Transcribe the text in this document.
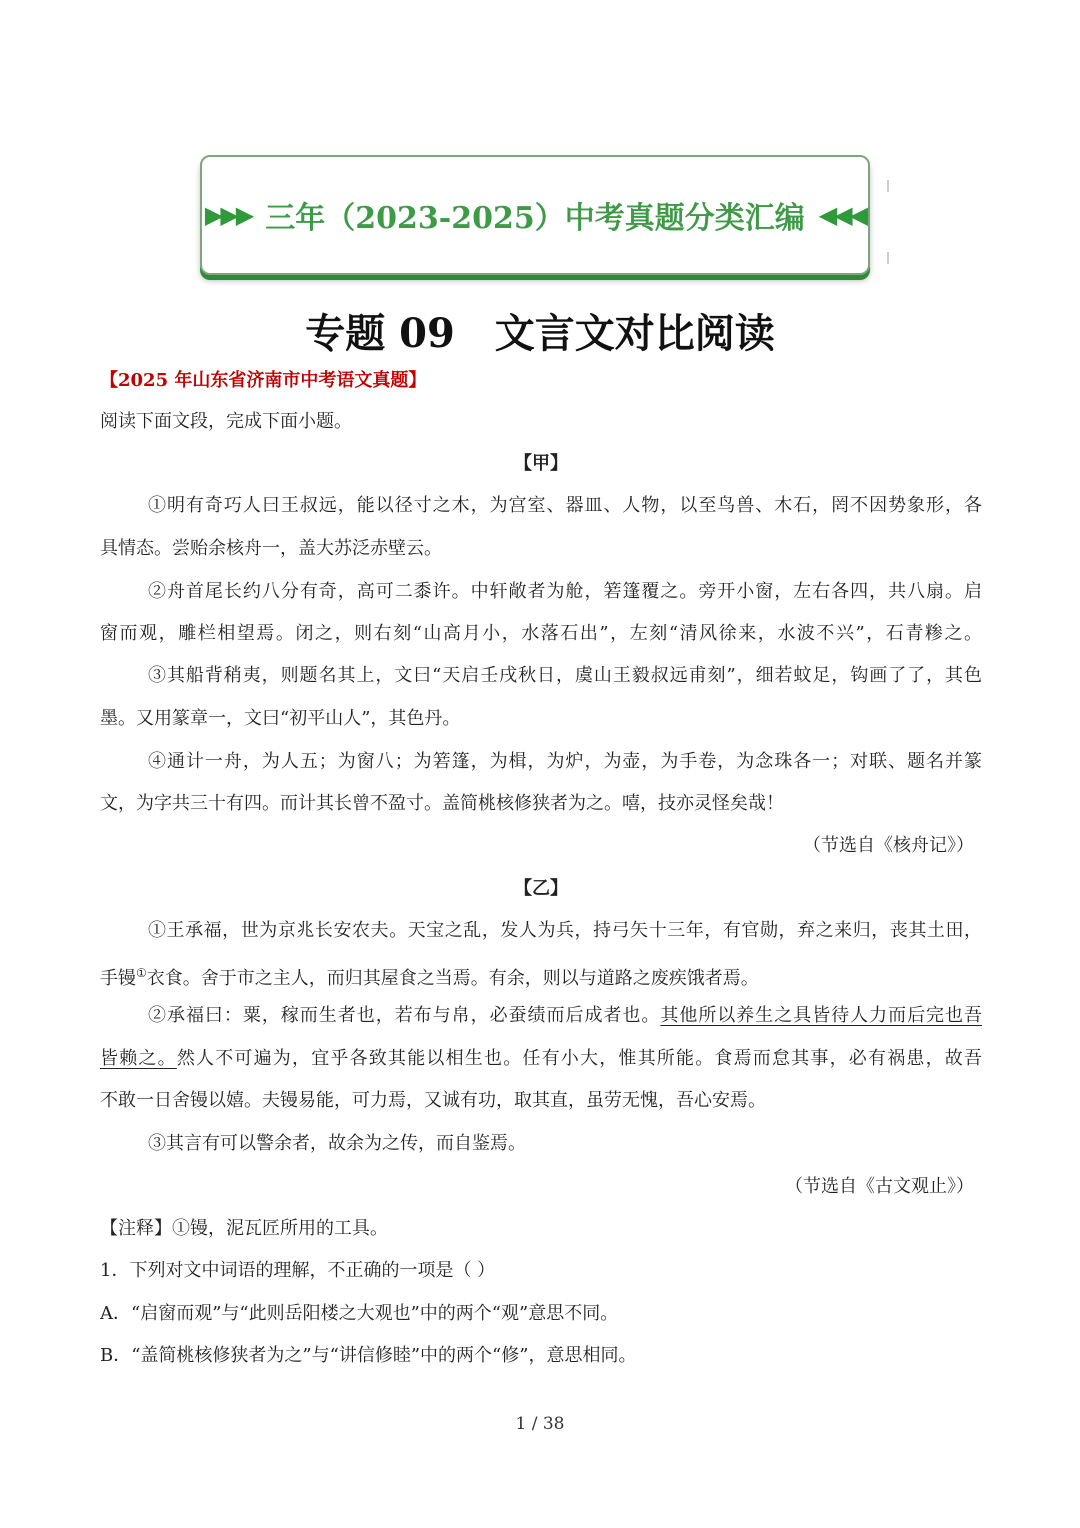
▶▶▶ 三年（2023-2025）中考真题分类汇编 ◀◀◀
专题 09 文言文对比阅读
【2025 年山东省济南市中考语文真题】
阅读下面文段，完成下面小题。
【甲】
①明有奇巧人曰王叔远，能以径寸之木，为宫室、器皿、人物，以至鸟兽、木石，罔不因势象形，各
具情态。尝贻余核舟一，盖大苏泛赤壁云。
②舟首尾长约八分有奇，高可二黍许。中轩敞者为舱，箬篷覆之。旁开小窗，左右各四，共八扇。启
窗而观，雕栏相望焉。闭之，则右刻“山高月小，水落石出”，左刻“清风徐来，水波不兴”，石青糁之。
③其船背稍夷，则题名其上，文曰“天启壬戌秋日，虞山王毅叔远甫刻”，细若蚊足，钩画了了，其色
墨。又用篆章一，文曰“初平山人”，其色丹。
④通计一舟，为人五；为窗八；为箬篷，为楫，为炉，为壶，为手卷，为念珠各一；对联、题名并篆
文，为字共三十有四。而计其长曾不盈寸。盖简桃核修狭者为之。嘻，技亦灵怪矣哉！
（节选自《核舟记》）
【乙】
①王承福，世为京兆长安农夫。天宝之乱，发人为兵，持弓矢十三年，有官勋，弃之来归，丧其土田，
手镘①衣食。舍于市之主人，而归其屋食之当焉。有余，则以与道路之废疾饿者焉。
②承福曰：粟，稼而生者也，若布与帛，必蚕绩而后成者也。其他所以养生之具皆待人力而后完也吾
皆赖之。然人不可遍为，宜乎各致其能以相生也。任有小大，惟其所能。食焉而怠其事，必有祸患，故吾
不敢一日舍镘以嬉。夫镘易能，可力焉，又诚有功，取其直，虽劳无愧，吾心安焉。
③其言有可以警余者，故余为之传，而自鉴焉。
（节选自《古文观止》）
【注释】①镘，泥瓦匠所用的工具。
1．下列对文中词语的理解，不正确的一项是（ ）
A．“启窗而观”与“此则岳阳楼之大观也”中的两个“观”意思不同。
B．“盖简桃核修狭者为之”与“讲信修睦”中的两个“修”，意思相同。
1 / 38
